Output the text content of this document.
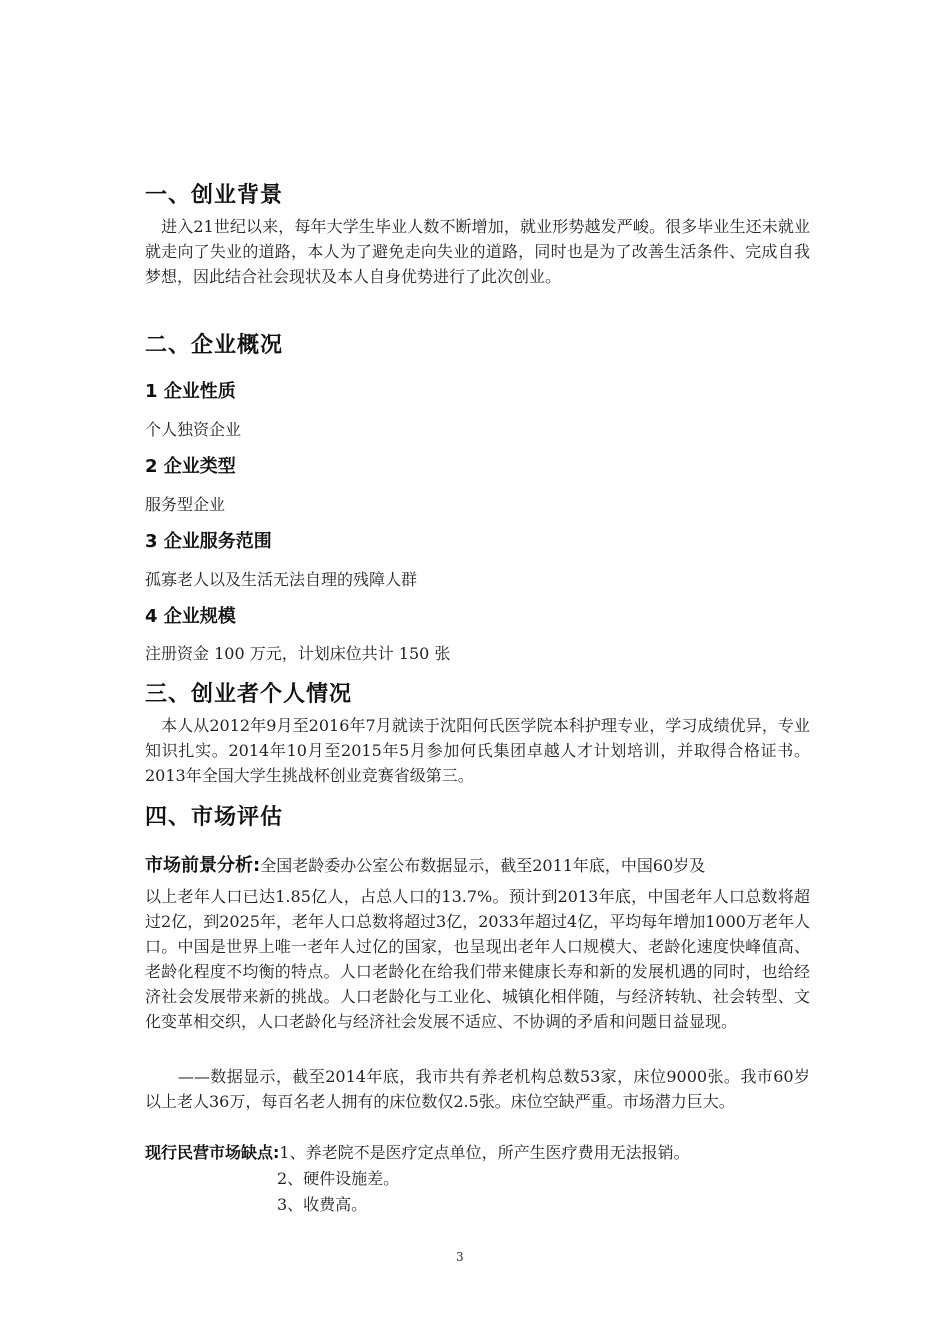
一、创业背景
　进入21世纪以来，每年大学生毕业人数不断增加，就业形势越发严峻。很多毕业生还未就业就走向了失业的道路，本人为了避免走向失业的道路，同时也是为了改善生活条件、完成自我梦想，因此结合社会现状及本人自身优势进行了此次创业。
二、企业概况
1 企业性质
个人独资企业
2 企业类型
服务型企业
3 企业服务范围
孤寡老人以及生活无法自理的残障人群
4 企业规模
注册资金 100 万元，计划床位共计 150 张
三、创业者个人情况
　本人从2012年9月至2016年7月就读于沈阳何氏医学院本科护理专业，学习成绩优异，专业知识扎实。2014年10月至2015年5月参加何氏集团卓越人才计划培训，并取得合格证书。2013年全国大学生挑战杯创业竞赛省级第三。
四、市场评估
市场前景分析:全国老龄委办公室公布数据显示，截至2011年底，中国60岁及
以上老年人口已达1.85亿人，占总人口的13.7%。预计到2013年底，中国老年人口总数将超过2亿，到2025年，老年人口总数将超过3亿，2033年超过4亿，平均每年增加1000万老年人口。中国是世界上唯一老年人过亿的国家，也呈现出老年人口规模大、老龄化速度快峰值高、老龄化程度不均衡的特点。人口老龄化在给我们带来健康长寿和新的发展机遇的同时，也给经济社会发展带来新的挑战。人口老龄化与工业化、城镇化相伴随，与经济转轨、社会转型、文化变革相交织，人口老龄化与经济社会发展不适应、不协调的矛盾和问题日益显现。
　　——数据显示，截至2014年底，我市共有养老机构总数53家，床位9000张。我市60岁以上老人36万，每百名老人拥有的床位数仅2.5张。床位空缺严重。市场潜力巨大。
现行民营市场缺点:1、养老院不是医疗定点单位，所产生医疗费用无法报销。
2、硬件设施差。
3、收费高。
3
